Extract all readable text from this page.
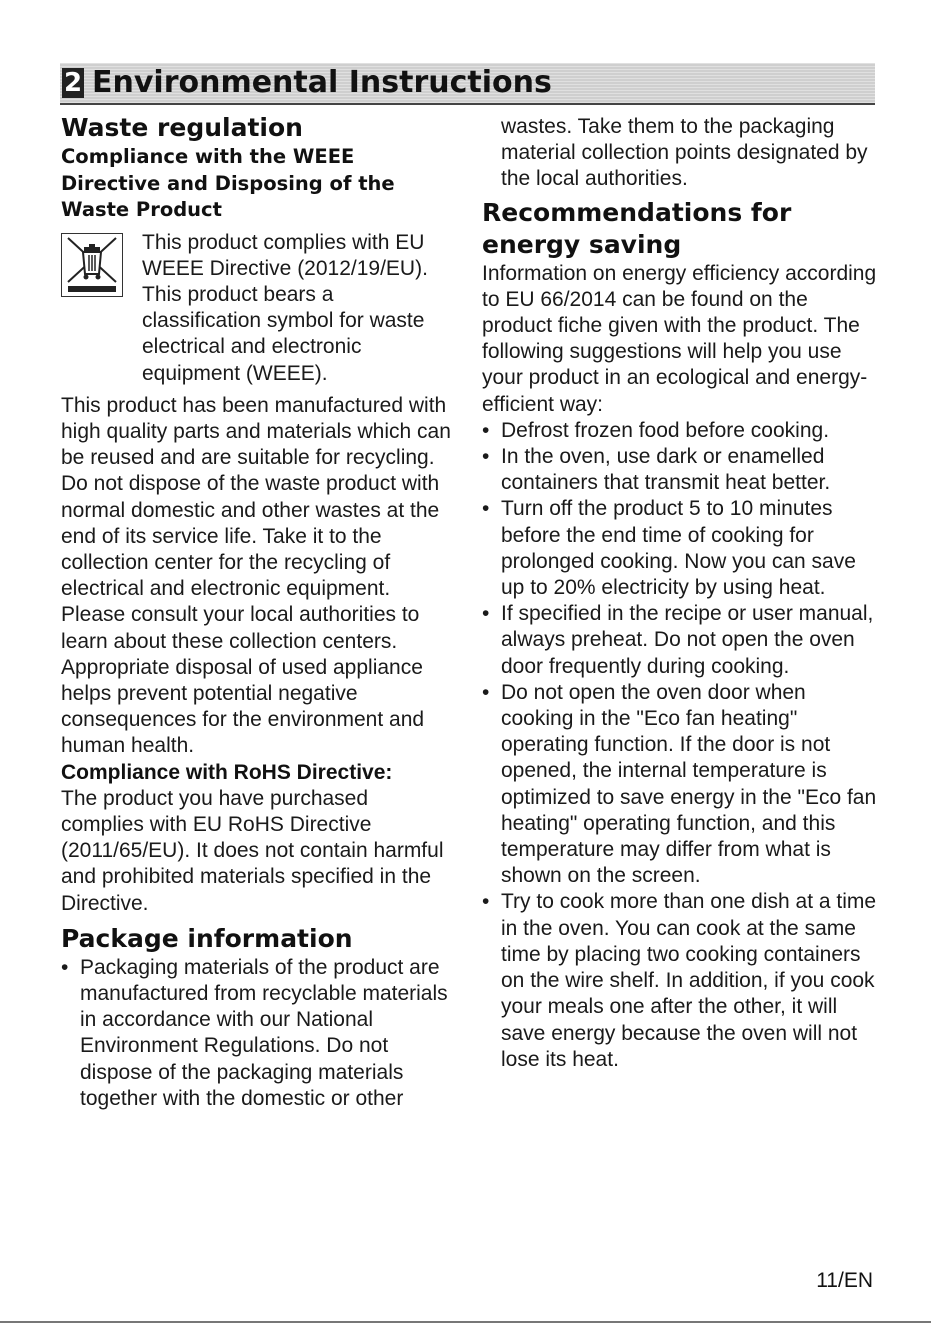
2 Environmental Instructions
Waste regulation
Compliance with the WEEE Directive and Disposing of the Waste Product

This product complies with EU WEEE Directive (2012/19/EU). This product bears a classification symbol for waste electrical and electronic equipment (WEEE).

This product has been manufactured with high quality parts and materials which can be reused and are suitable for recycling. Do not dispose of the waste product with normal domestic and other wastes at the end of its service life. Take it to the collection center for the recycling of electrical and electronic equipment. Please consult your local authorities to learn about these collection centers.

Appropriate disposal of used appliance helps prevent potential negative consequences for the environment and human health.

Compliance with RoHS Directive:

The product you have purchased complies with EU RoHS Directive (2011/65/EU). It does not contain harmful and prohibited materials specified in the Directive.

Package information
• Packaging materials of the product are manufactured from recyclable materials in accordance with our National Environment Regulations. Do not dispose of the packaging materials together with the domestic or other
wastes. Take them to the packaging material collection points designated by the local authorities.
Recommendations for energy saving

Information on energy efficiency according to EU 66/2014 can be found on the product fiche given with the product. The following suggestions will help you use your product in an ecological and energy-efficient way:

• Defrost frozen food before cooking.
• In the oven, use dark or enamelled containers that transmit heat better.
• Turn off the product 5 to 10 minutes before the end time of cooking for prolonged cooking. Now you can save up to 20% electricity by using heat.
• If specified in the recipe or user manual, always preheat. Do not open the oven door frequently during cooking.
• Do not open the oven door when cooking in the "Eco fan heating" operating function. If the door is not opened, the internal temperature is optimized to save energy in the "Eco fan heating" operating function, and this temperature may differ from what is shown on the screen.
• Try to cook more than one dish at a time in the oven. You can cook at the same time by placing two cooking containers on the wire shelf. In addition, if you cook your meals one after the other, it will save energy because the oven will not lose its heat.
11/EN
